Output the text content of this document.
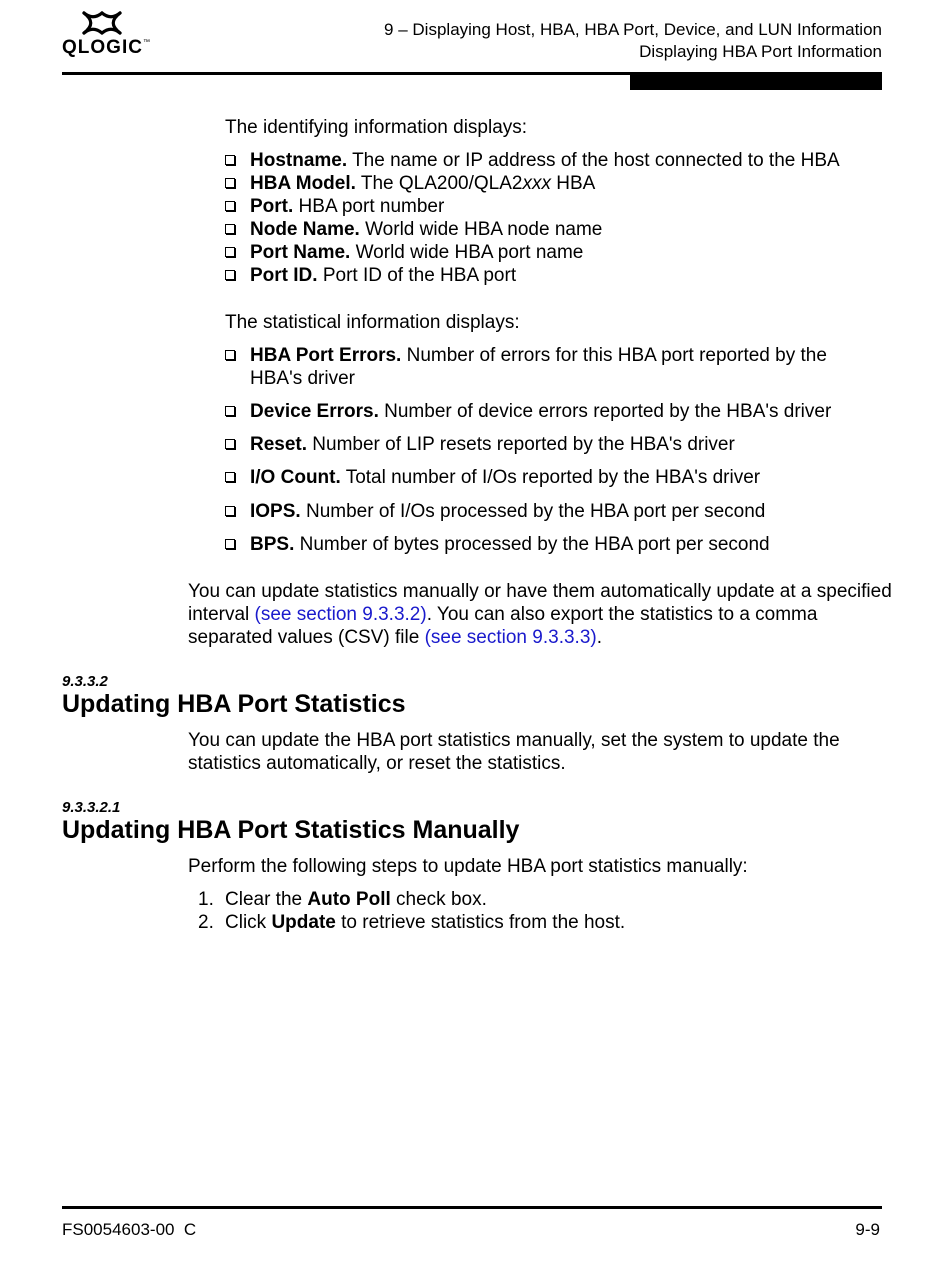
QLOGIC™
9 – Displaying Host, HBA, HBA Port, Device, and LUN Information
Displaying HBA Port Information
The identifying information displays:
Hostname. The name or IP address of the host connected to the HBA
HBA Model. The QLA200/QLA2xxx HBA
Port. HBA port number
Node Name. World wide HBA node name
Port Name. World wide HBA port name
Port ID. Port ID of the HBA port
The statistical information displays:
HBA Port Errors. Number of errors for this HBA port reported by the HBA's driver
Device Errors. Number of device errors reported by the HBA's driver
Reset. Number of LIP resets reported by the HBA's driver
I/O Count. Total number of I/Os reported by the HBA's driver
IOPS. Number of I/Os processed by the HBA port per second
BPS. Number of bytes processed by the HBA port per second
You can update statistics manually or have them automatically update at a specified
interval (see section 9.3.3.2). You can also export the statistics to a comma
separated values (CSV) file (see section 9.3.3.3).
9.3.3.2
Updating HBA Port Statistics
You can update the HBA port statistics manually, set the system to update the
statistics automatically, or reset the statistics.
9.3.3.2.1
Updating HBA Port Statistics Manually
Perform the following steps to update HBA port statistics manually:
1. Clear the Auto Poll check box.
2. Click Update to retrieve statistics from the host.
FS0054603-00  C	9-9
